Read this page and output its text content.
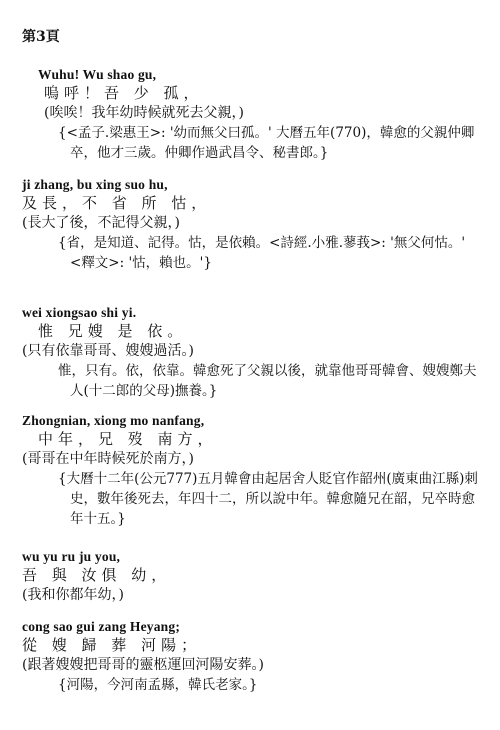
第3頁
Wuhu! Wu shao gu,
嗚呼！吾 少 孤，
(唉唉！我年幼時候就死去父親，)
{<孟子.梁惠王>: '幼而無父曰孤。' 大曆五年(770)，韓愈的父親仲卿卒，他才三歲。仲卿作過武昌令、秘書郎。}
ji zhang, bu xing suo hu,
及長，不 省 所 怙，
(長大了後，不記得父親，)
{省，是知道、記得。怙，是依賴。<詩經.小雅.蓼莪>: '無父何怙。' <釋文>: '怙，賴也。'}
wei xiongsao shi yi.
惟 兄嫂 是 依。
(只有依靠哥哥、嫂嫂過活。)
惟，只有。依，依靠。韓愈死了父親以後，就靠他哥哥韓會、嫂嫂鄭夫人(十二郎的父母)撫養。}
Zhongnian, xiong mo nanfang,
中年，兄 歿 南方，
(哥哥在中年時候死於南方，)
{大曆十二年(公元777)五月韓會由起居舍人貶官作韶州(廣東曲江縣)刺史，數年後死去，年四十二，所以說中年。韓愈隨兄在韶，兄卒時愈年十五。}
wu yu ru ju you,
吾 與 汝俱 幼，
(我和你都年幼，)
cong sao gui zang Heyang;
從 嫂 歸 葬 河陽；
(跟著嫂嫂把哥哥的靈柩運回河陽安葬。)
{河陽，今河南孟縣，韓氏老家。}
